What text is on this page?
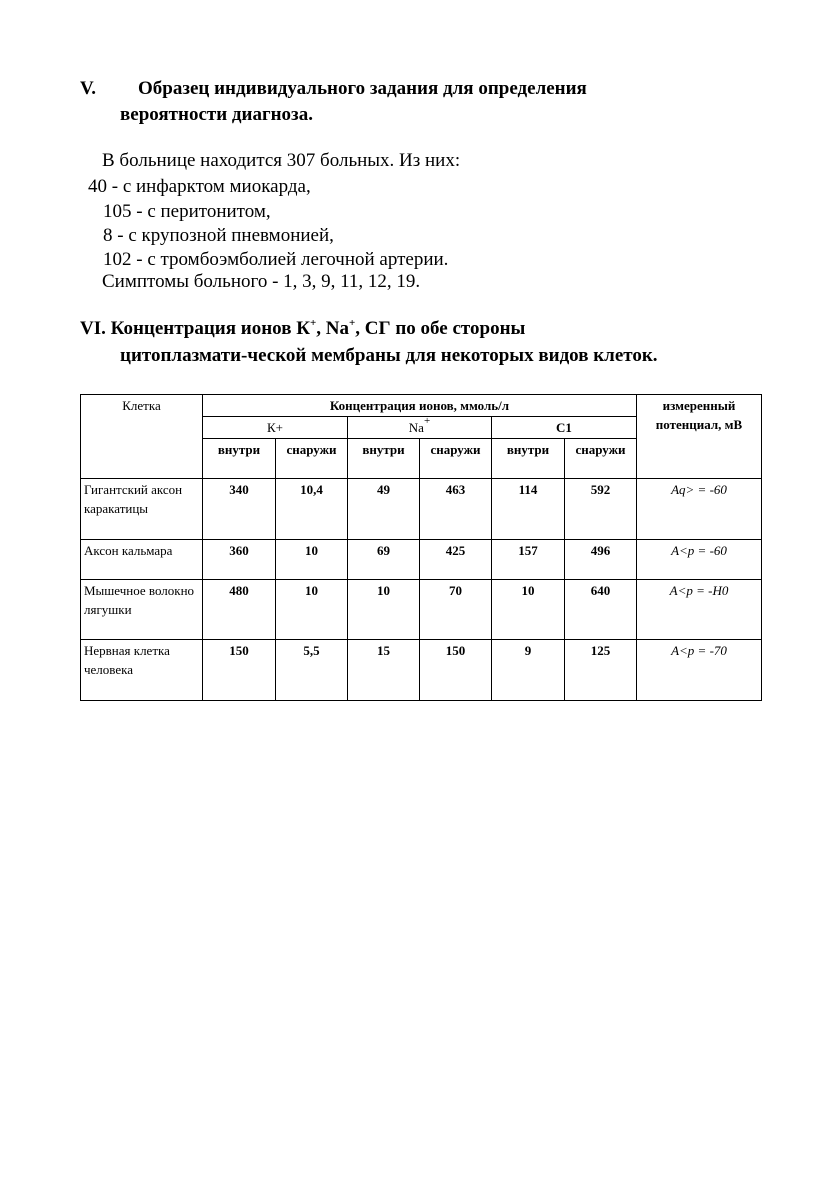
V. Образец индивидуального задания для определения
вероятности диагноза.
В больнице находится 307 больных. Из них:
40 - с инфарктом миокарда,
105 - с перитонитом,
8 - с крупозной пневмонией,
102 - с тромбоэмболией легочной артерии.
Симптомы больного - 1, 3, 9, 11, 12, 19.
VI. Концентрация ионов К+, Na+, СГ по обе стороны
цитоплазмати-ческой мембраны для некоторых видов клеток.
Клетка	Концентрация ионов, ммоль/л						измеренный потенциал, мВ
	К+		Na+		С1		
	внутри	снаружи	внутри	снаружи	внутри	снаружи	
Гигантский аксон каракатицы	340	10,4	49	463	114	592	Aq> = -60
Аксон кальмара	360	10	69	425	157	496	A<p = -60
Мышечное волокно лягушки	480	10	10	70	10	640	A<p = -H0
Нервная клетка человека	150	5,5	15	150	9	125	A<p = -70
